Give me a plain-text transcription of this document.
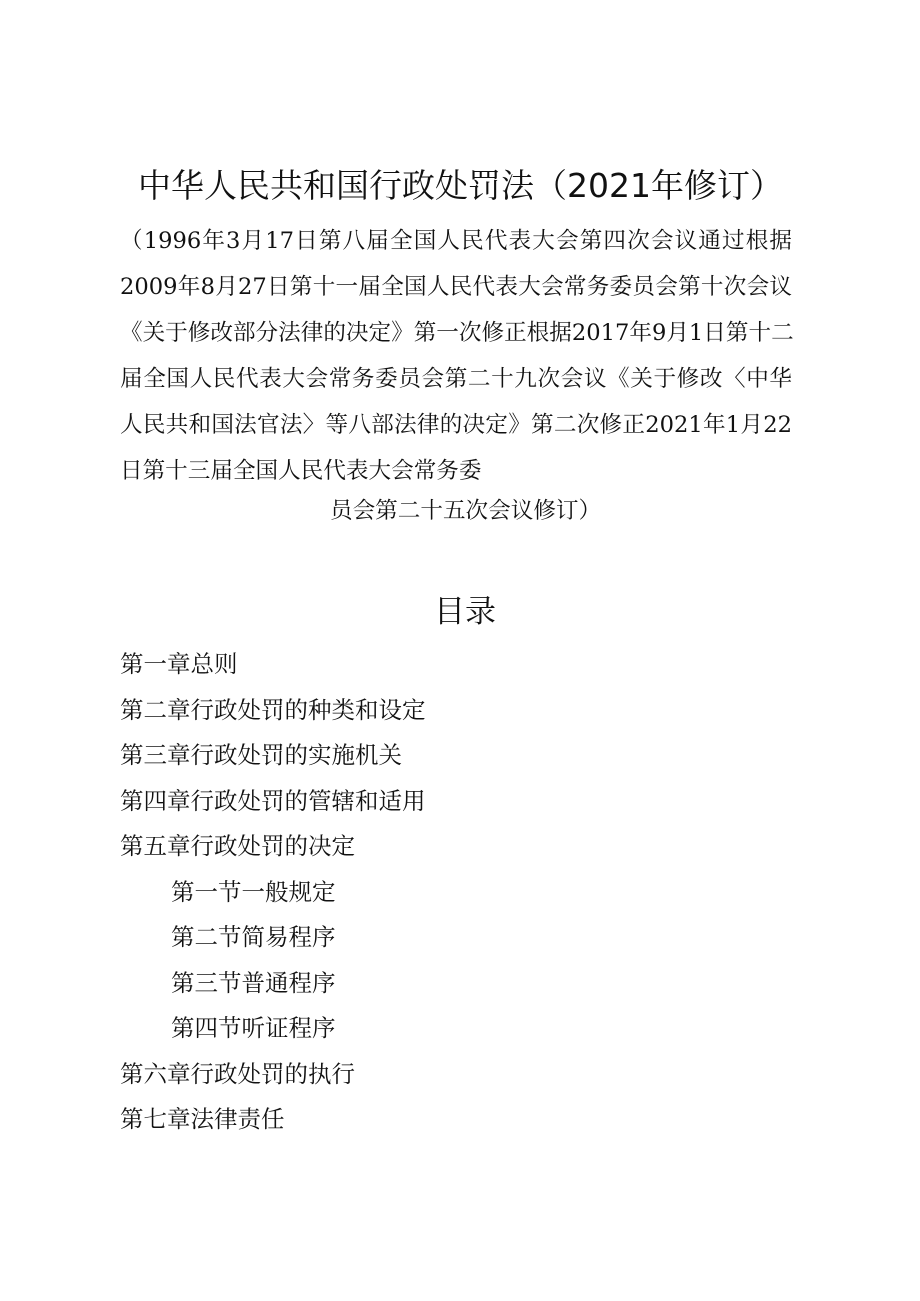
中华人民共和国行政处罚法（2021年修订）
（1996年3月17日第八届全国人民代表大会第四次会议通过根据
2009年8月27日第十一届全国人民代表大会常务委员会第十次会议
《关于修改部分法律的决定》第一次修正根据2017年9月1日第十二
届全国人民代表大会常务委员会第二十九次会议《关于修改〈中华
人民共和国法官法〉等八部法律的决定》第二次修正2021年1月22
日第十三届全国人民代表大会常务委
员会第二十五次会议修订）
目录
第一章总则
第二章行政处罚的种类和设定
第三章行政处罚的实施机关
第四章行政处罚的管辖和适用
第五章行政处罚的决定
第一节一般规定
第二节简易程序
第三节普通程序
第四节听证程序
第六章行政处罚的执行
第七章法律责任
